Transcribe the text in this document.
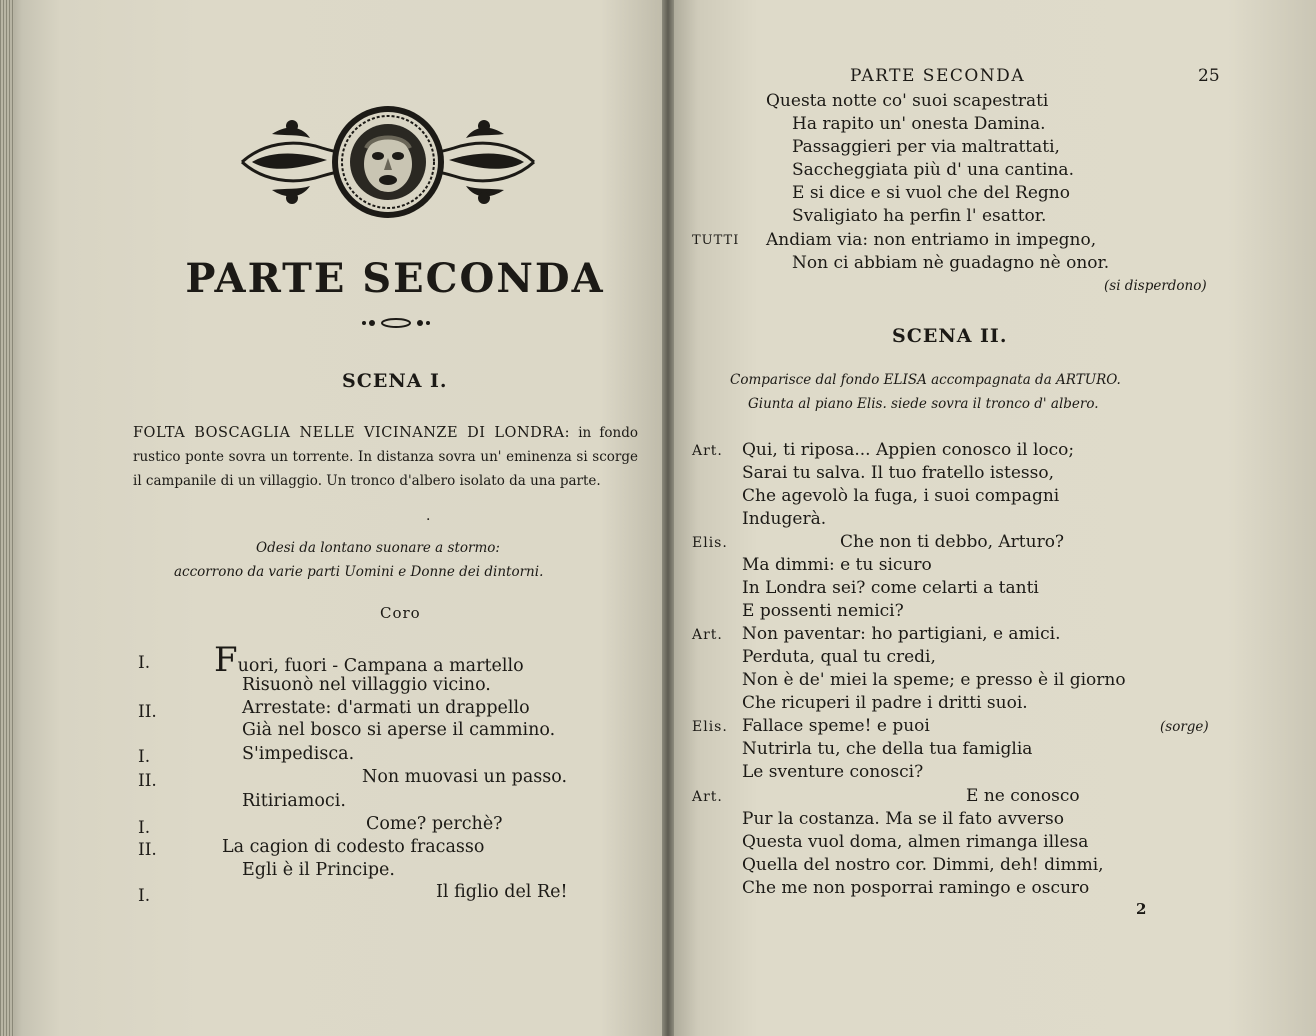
PARTE SECONDA
SCENA I.
FOLTA BOSCAGLIA NELLE VICINANZE DI LONDRA: in fondo rustico ponte sovra un torrente. In distanza sovra un' eminenza si scorge il campanile di un villaggio. Un tronco d'albero isolato da una parte.
·
Odesi da lontano suonare a stormo:
accorrono da varie parti Uomini e Donne dei dintorni.
Coro
I. Fuori, fuori - Campana a martello
Risuonò nel villaggio vicino.
II.	Arrestate: d'armati un drappello
Già nel bosco si aperse il cammino.
I.	S'impedisca.
II.	Non muovasi un passo.
Ritiriamoci.
I.	Come? perchè?
II.	La cagion di codesto fracasso
Egli è il Principe.
I.	Il figlio del Re!
PARTE SECONDA	25
Questa notte co' suoi scapestrati
Ha rapito un' onesta Damina.
Passaggieri per via maltrattati,
Saccheggiata più d' una cantina.
E si dice e si vuol che del Regno
Svaligiato ha perfin l' esattor.
TUTTI Andiam via: non entriamo in impegno,
Non ci abbiam nè guadagno nè onor.
(si disperdono)
SCENA II.
Comparisce dal fondo ELISA accompagnata da ARTURO.
Giunta al piano Elis. siede sovra il tronco d' albero.
Art. Qui, ti riposa... Appien conosco il loco;
Sarai tu salva. Il tuo fratello istesso,
Che agevolò la fuga, i suoi compagni
Indugerà.
Elis.	Che non ti debbo, Arturo?
Ma dimmi: e tu sicuro
In Londra sei? come celarti a tanti
E possenti nemici?
Art. Non paventar: ho partigiani, e amici.
Perduta, qual tu credi,
Non è de' miei la speme; e presso è il giorno
Che ricuperi il padre i dritti suoi.
Elis. Fallace speme! e puoi	(sorge)
Nutrirla tu, che della tua famiglia
Le sventure conosci?
Art.	E ne conosco
Pur la costanza. Ma se il fato avverso
Questa vuol doma, almen rimanga illesa
Quella del nostro cor. Dimmi, deh! dimmi,
Che me non posporrai ramingo e oscuro
2
